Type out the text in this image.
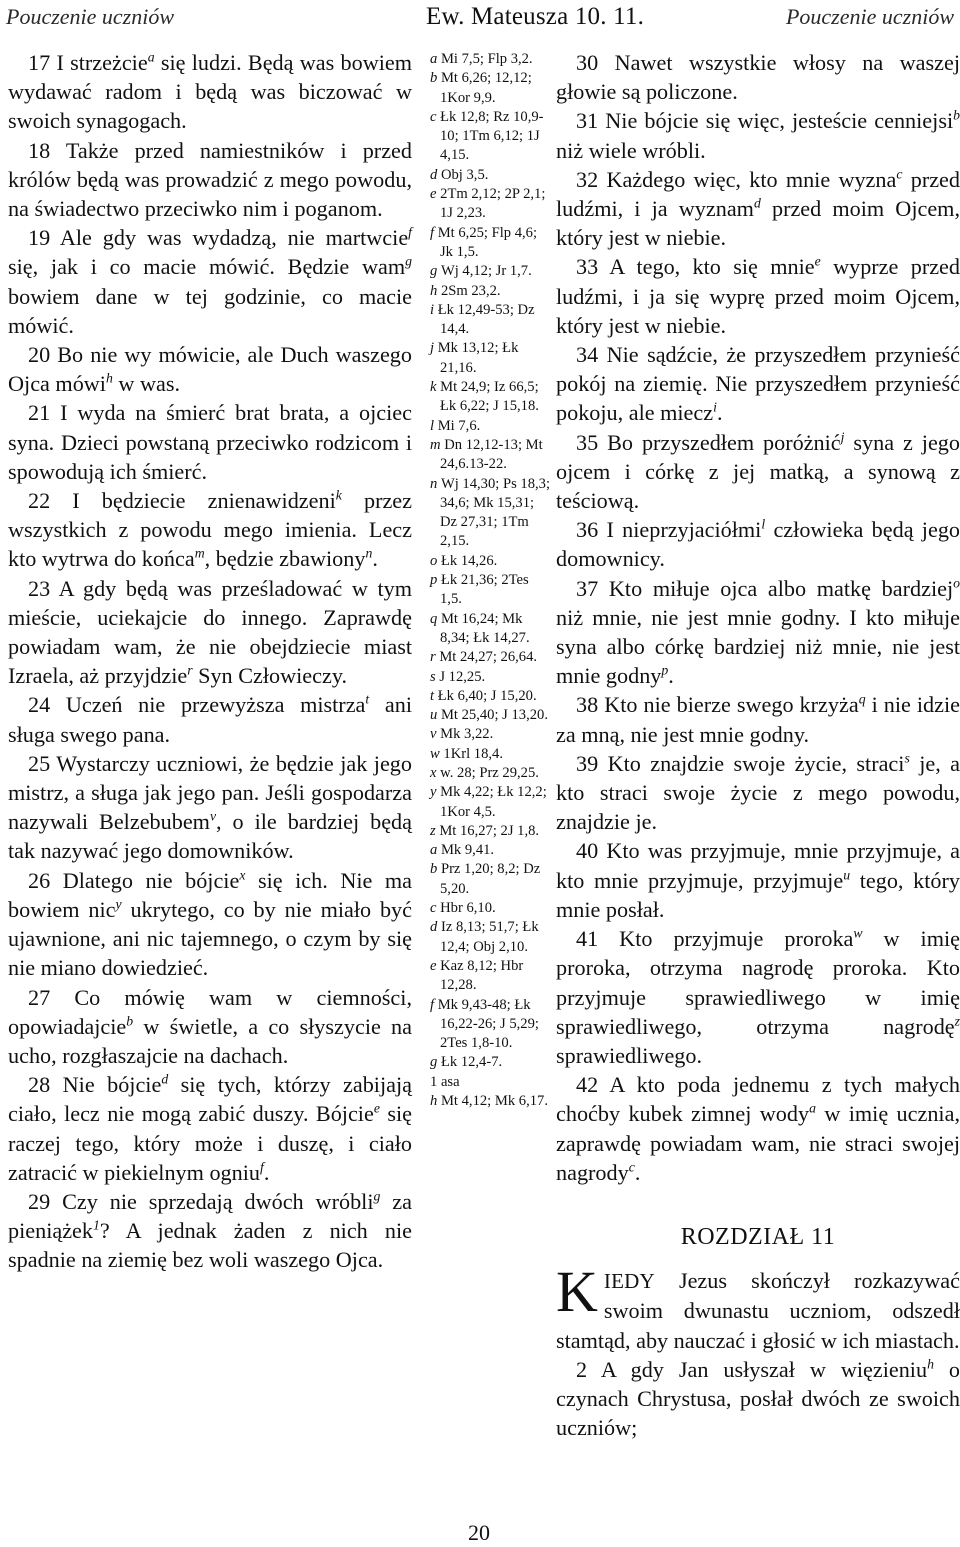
Pouczenie uczniów	Ew. Mateusza 10. 11.	Pouczenie uczniów

17 I strzeżcie$^a$ się ludzi. Będą was bowiem wydawać radom i będą was biczować w swoich synagogach.

18 Także przed namiestników i przed królów będą was prowadzić z mego powodu, na świadectwo przeciwko nim i poganom.

19 Ale gdy was wydadzą, nie martwcie$^f$ się, jak i co macie mówić. Będzie wam$^g$ bowiem dane w tej godzinie, co macie mówić.

20 Bo nie wy mówicie, ale Duch waszego Ojca mówi$^h$ w was.

21 I wyda na śmierć brat brata, a ojciec syna. Dzieci powstaną przeciwko rodzicom i spowodują ich śmierć.

22 I będziecie znienawidzeni$^k$ przez wszystkich z powodu mego imienia. Lecz kto wytrwa do końca$^m$, będzie zbawiony$^n$.

23 A gdy będą was prześladować w tym mieście, uciekajcie do innego. Zaprawdę powiadam wam, że nie obejdziecie miast Izraela, aż przyjdzie$^r$ Syn Człowieczy.

24 Uczeń nie przewyższa mistrza$^t$ ani sługa swego pana.

25 Wystarczy uczniowi, że będzie jak jego mistrz, a sługa jak jego pan. Jeśli gospodarza nazywali Belzebubem$^v$, o ile bardziej będą tak nazywać jego domowników.

26 Dlatego nie bójcie$^x$ się ich. Nie ma bowiem nic$^y$ ukrytego, co by nie miało być ujawnione, ani nic tajemnego, o czym by się nie miano dowiedzieć.

27 Co mówię wam w ciemności, opowiadajcie$^b$ w świetle, a co słyszycie na ucho, rozgłaszajcie na dachach.

28 Nie bójcie$^d$ się tych, którzy zabijają ciało, lecz nie mogą zabić duszy. Bójcie$^e$ się raczej tego, który może i duszę, i ciało zatracić w piekielnym ogniu$^f$.

29 Czy nie sprzedają dwóch wróbli$^g$ za pieniążek$^1$? A jednak żaden z nich nie spadnie na ziemię bez woli waszego Ojca.

a Mi 7,5; Flp 3,2.

b Mt 6,26; 12,12; 1Kor 9,9.

c Łk 12,8; Rz 10,9-10; 1Tm 6,12; 1J 4,15.

d Obj 3,5.

e 2Tm 2,12; 2P 2,1; 1J 2,23.

f Mt 6,25; Flp 4,6; Jk 1,5.

g Wj 4,12; Jr 1,7.

h 2Sm 23,2.

i Łk 12,49-53; Dz 14,4.

j Mk 13,12; Łk 21,16.

k Mt 24,9; Iz 66,5; Łk 6,22; J 15,18.

l Mi 7,6.

m Dn 12,12-13; Mt 24,6.13-22.

n Wj 14,30; Ps 18,3; 34,6; Mk 15,31; Dz 27,31; 1Tm 2,15.

o Łk 14,26.

p Łk 21,36; 2Tes 1,5.

q Mt 16,24; Mk 8,34; Łk 14,27.

r Mt 24,27; 26,64.

s J 12,25.

t Łk 6,40; J 15,20.

u Mt 25,40; J 13,20.

v Mk 3,22.

w 1Krl 18,4.

x w. 28; Prz 29,25.

y Mk 4,22; Łk 12,2; 1Kor 4,5.

z Mt 16,27; 2J 1,8.

a Mk 9,41.

b Prz 1,20; 8,2; Dz 5,20.

c Hbr 6,10.

d Iz 8,13; 51,7; Łk 12,4; Obj 2,10.

e Kaz 8,12; Hbr 12,28.

f Mk 9,43-48; Łk 16,22-26; J 5,29; 2Tes 1,8-10.

g Łk 12,4-7.

1 asa

h Mt 4,12; Mk 6,17.

30 Nawet wszystkie włosy na waszej głowie są policzone.

31 Nie bójcie się więc, jesteście cenniejsi$^b$ niż wiele wróbli.

32 Każdego więc, kto mnie wyzna$^c$ przed ludźmi, i ja wyznam$^d$ przed moim Ojcem, który jest w niebie.

33 A tego, kto się mnie$^e$ wyprze przed ludźmi, i ja się wyprę przed moim Ojcem, który jest w niebie.

34 Nie sądźcie, że przyszedłem przynieść pokój na ziemię. Nie przyszedłem przynieść pokoju, ale miecz$^i$.

35 Bo przyszedłem poróżnić$^j$ syna z jego ojcem i córkę z jej matką, a synową z teściową.

36 I nieprzyjaciółmi$^l$ człowieka będą jego domownicy.

37 Kto miłuje ojca albo matkę bardziej$^o$ niż mnie, nie jest mnie godny. I kto miłuje syna albo córkę bardziej niż mnie, nie jest mnie godny$^p$.

38 Kto nie bierze swego krzyża$^q$ i nie idzie za mną, nie jest mnie godny.

39 Kto znajdzie swoje życie, straci$^s$ je, a kto straci swoje życie z mego powodu, znajdzie je.

40 Kto was przyjmuje, mnie przyjmuje, a kto mnie przyjmuje, przyjmuje$^u$ tego, który mnie posłał.

41 Kto przyjmuje proroka$^w$ w imię proroka, otrzyma nagrodę proroka. Kto przyjmuje sprawiedliwego w imię sprawiedliwego, otrzyma nagrodę$^z$ sprawiedliwego.

42 A kto poda jednemu z tych małych choćby kubek zimnej wody$^a$ w imię ucznia, zaprawdę powiadam wam, nie straci swojej nagrody$^c$.

ROZDZIAŁ 11

KIEDY Jezus skończył rozkazywać swoim dwunastu uczniom, odszedł stamtąd, aby nauczać i głosić w ich miastach.

2 A gdy Jan usłyszał w więzieniu$^h$ o czynach Chrystusa, posłał dwóch ze swoich uczniów;

20
